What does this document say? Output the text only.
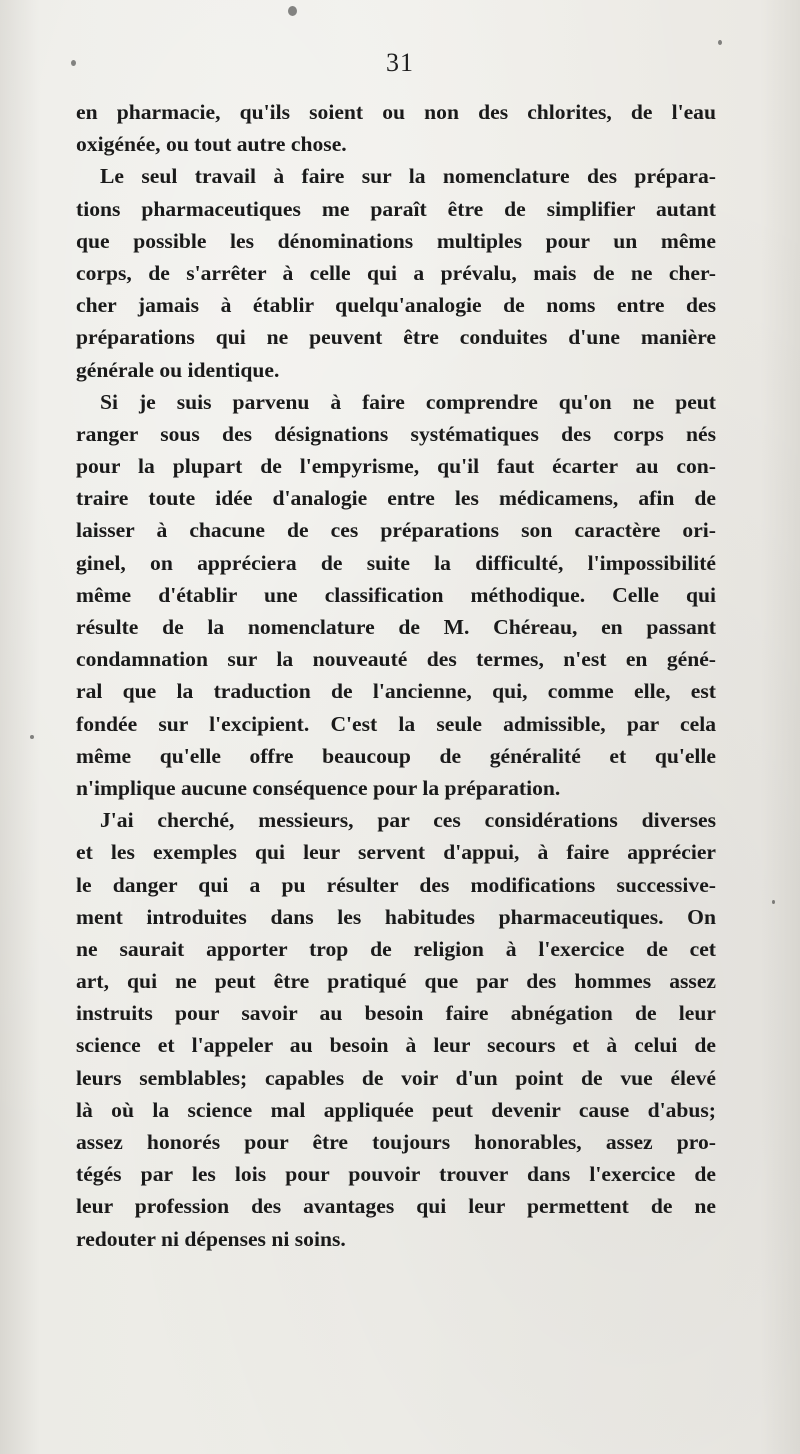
31
en pharmacie, qu'ils soient ou non des chlorites, de l'eau
oxigénée, ou tout autre chose.
Le seul travail à faire sur la nomenclature des prépara-
tions pharmaceutiques me paraît être de simplifier autant
que possible les dénominations multiples pour un même
corps, de s'arrêter à celle qui a prévalu, mais de ne cher-
cher jamais à établir quelqu'analogie de noms entre des
préparations qui ne peuvent être conduites d'une manière
générale ou identique.
Si je suis parvenu à faire comprendre qu'on ne peut
ranger sous des désignations systématiques des corps nés
pour la plupart de l'empyrisme, qu'il faut écarter au con-
traire toute idée d'analogie entre les médicamens, afin de
laisser à chacune de ces préparations son caractère ori-
ginel, on appréciera de suite la difficulté, l'impossibilité
même d'établir une classification méthodique. Celle qui
résulte de la nomenclature de M. Chéreau, en passant
condamnation sur la nouveauté des termes, n'est en géné-
ral que la traduction de l'ancienne, qui, comme elle, est
fondée sur l'excipient. C'est la seule admissible, par cela
même qu'elle offre beaucoup de généralité et qu'elle
n'implique aucune conséquence pour la préparation.
J'ai cherché, messieurs, par ces considérations diverses
et les exemples qui leur servent d'appui, à faire apprécier
le danger qui a pu résulter des modifications successive-
ment introduites dans les habitudes pharmaceutiques. On
ne saurait apporter trop de religion à l'exercice de cet
art, qui ne peut être pratiqué que par des hommes assez
instruits pour savoir au besoin faire abnégation de leur
science et l'appeler au besoin à leur secours et à celui de
leurs semblables; capables de voir d'un point de vue élevé
là où la science mal appliquée peut devenir cause d'abus;
assez honorés pour être toujours honorables, assez pro-
tégés par les lois pour pouvoir trouver dans l'exercice de
leur profession des avantages qui leur permettent de ne
redouter ni dépenses ni soins.
